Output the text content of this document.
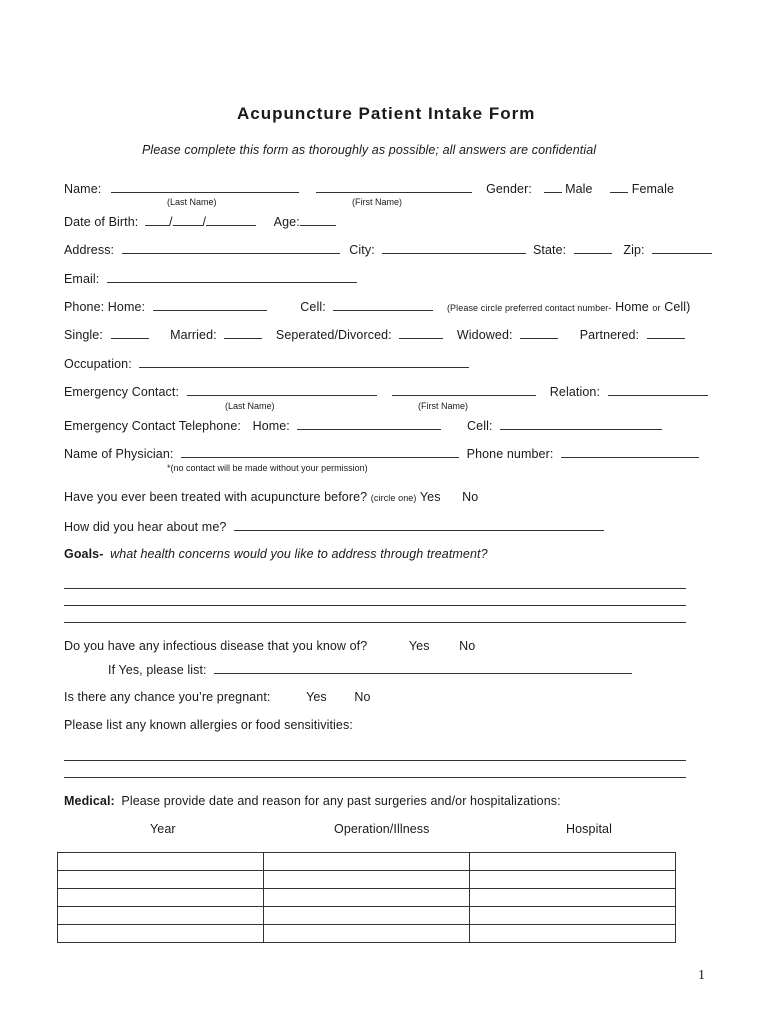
Acupuncture Patient Intake Form
Please complete this form as thoroughly as possible; all answers are confidential
Name:	Gender:	Male	Female
(Last Name)	(First Name)
Date of Birth: / /	Age:
Address:	City:	State:	Zip:
Email:
Phone: Home:	Cell:	(Please circle preferred contact number- Home or Cell)
Single:	Married:	Seperated/Divorced:	Widowed:	Partnered:
Occupation:
Emergency Contact:	Relation:
(Last Name)	(First Name)
Emergency Contact Telephone: Home:	Cell:
Name of Physician:	Phone number:
*(no contact will be made without your permission)
Have you ever been treated with acupuncture before? (circle one) Yes No
How did you hear about me?
Goals- what health concerns would you like to address through treatment?
Do you have any infectious disease that you know of?	Yes No
If Yes, please list:
Is there any chance you’re pregnant:	Yes No
Please list any known allergies or food sensitivities:
Medical: Please provide date and reason for any past surgeries and/or hospitalizations:
Year	Operation/Illness	Hospital

1
